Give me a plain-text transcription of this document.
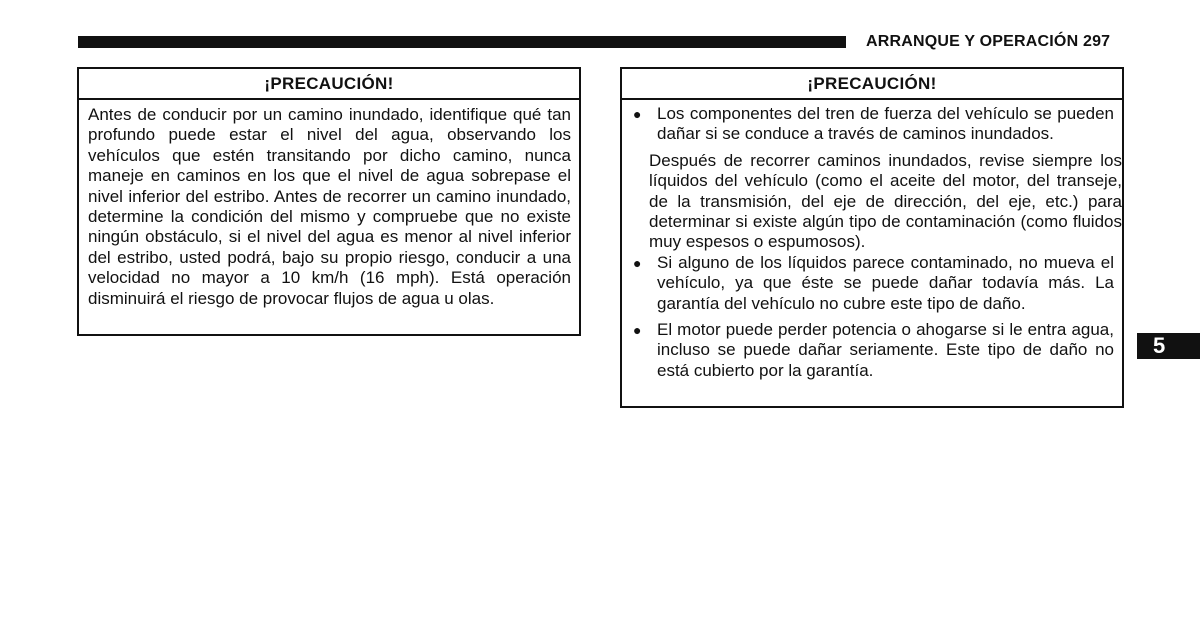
ARRANQUE Y OPERACIÓN 297
¡PRECAUCIÓN!
Antes de conducir por un camino inundado, identifique qué tan profundo puede estar el nivel del agua, observando los vehículos que estén transitando por dicho camino, nunca maneje en caminos en los que el nivel de agua sobrepase el nivel inferior del estribo. Antes de recorrer un camino inundado, determine la condición del mismo y compruebe que no existe ningún obstáculo, si el nivel del agua es menor al nivel inferior del estribo, usted podrá, bajo su propio riesgo, conducir a una velocidad no mayor a 10 km/h (16 mph). Está operación disminuirá el riesgo de provocar flujos de agua u olas.
¡PRECAUCIÓN!
● Los componentes del tren de fuerza del vehículo se pueden dañar si se conduce a través de caminos inundados.
Después de recorrer caminos inundados, revise siempre los líquidos del vehículo (como el aceite del motor, del transeje, de la transmisión, del eje de dirección, del eje, etc.) para determinar si existe algún tipo de contaminación (como fluidos muy espesos o espumosos).
● Si alguno de los líquidos parece contaminado, no mueva el vehículo, ya que éste se puede dañar todavía más. La garantía del vehículo no cubre este tipo de daño.
● El motor puede perder potencia o ahogarse si le entra agua, incluso se puede dañar seriamente. Este tipo de daño no está cubierto por la garantía.
5
